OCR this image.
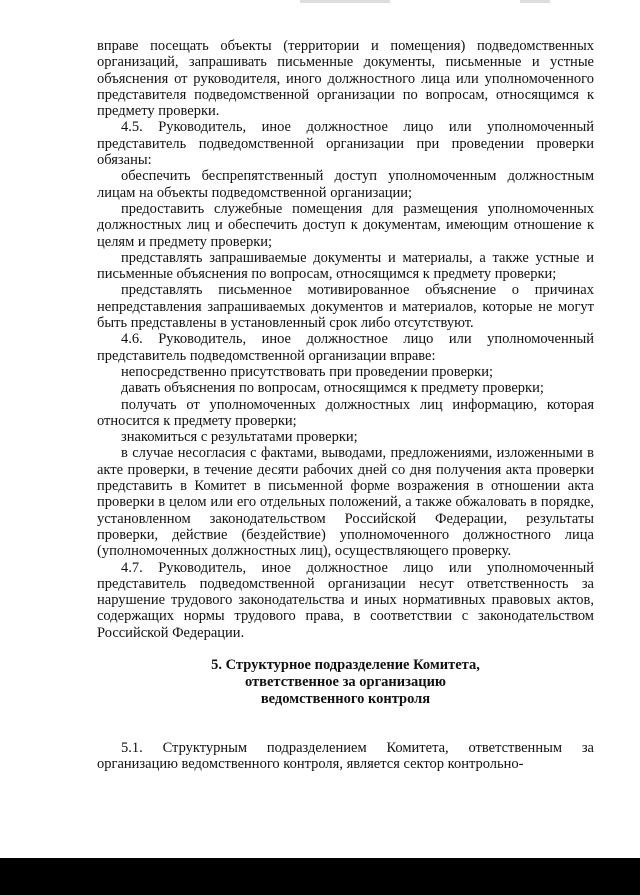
вправе посещать объекты (территории и помещения) подведомственных организаций, запрашивать письменные документы, письменные и устные объяснения от руководителя, иного должностного лица или уполномоченного представителя подведомственной организации по вопросам, относящимся к предмету проверки.

4.5. Руководитель, иное должностное лицо или уполномоченный представитель подведомственной организации при проведении проверки обязаны:

обеспечить беспрепятственный доступ уполномоченным должностным лицам на объекты подведомственной организации;

предоставить служебные помещения для размещения уполномоченных должностных лиц и обеспечить доступ к документам, имеющим отношение к целям и предмету проверки;

представлять запрашиваемые документы и материалы, а также устные и письменные объяснения по вопросам, относящимся к предмету проверки;

представлять письменное мотивированное объяснение о причинах непредставления запрашиваемых документов и материалов, которые не могут быть представлены в установленный срок либо отсутствуют.

4.6. Руководитель, иное должностное лицо или уполномоченный представитель подведомственной организации вправе:

непосредственно присутствовать при проведении проверки;

давать объяснения по вопросам, относящимся к предмету проверки;

получать от уполномоченных должностных лиц информацию, которая относится к предмету проверки;

знакомиться с результатами проверки;

в случае несогласия с фактами, выводами, предложениями, изложенными в акте проверки, в течение десяти рабочих дней со дня получения акта проверки представить в Комитет в письменной форме возражения в отношении акта проверки в целом или его отдельных положений, а также обжаловать в порядке, установленном законодательством Российской Федерации, результаты проверки, действие (бездействие) уполномоченного должностного лица (уполномоченных должностных лиц), осуществляющего проверку.

4.7. Руководитель, иное должностное лицо или уполномоченный представитель подведомственной организации несут ответственность за нарушение трудового законодательства и иных нормативных правовых актов, содержащих нормы трудового права, в соответствии с законодательством Российской Федерации.

5. Структурное подразделение Комитета,
ответственное за организацию
ведомственного контроля

5.1. Структурным подразделением Комитета, ответственным за организацию ведомственного контроля, является сектор контрольно-
